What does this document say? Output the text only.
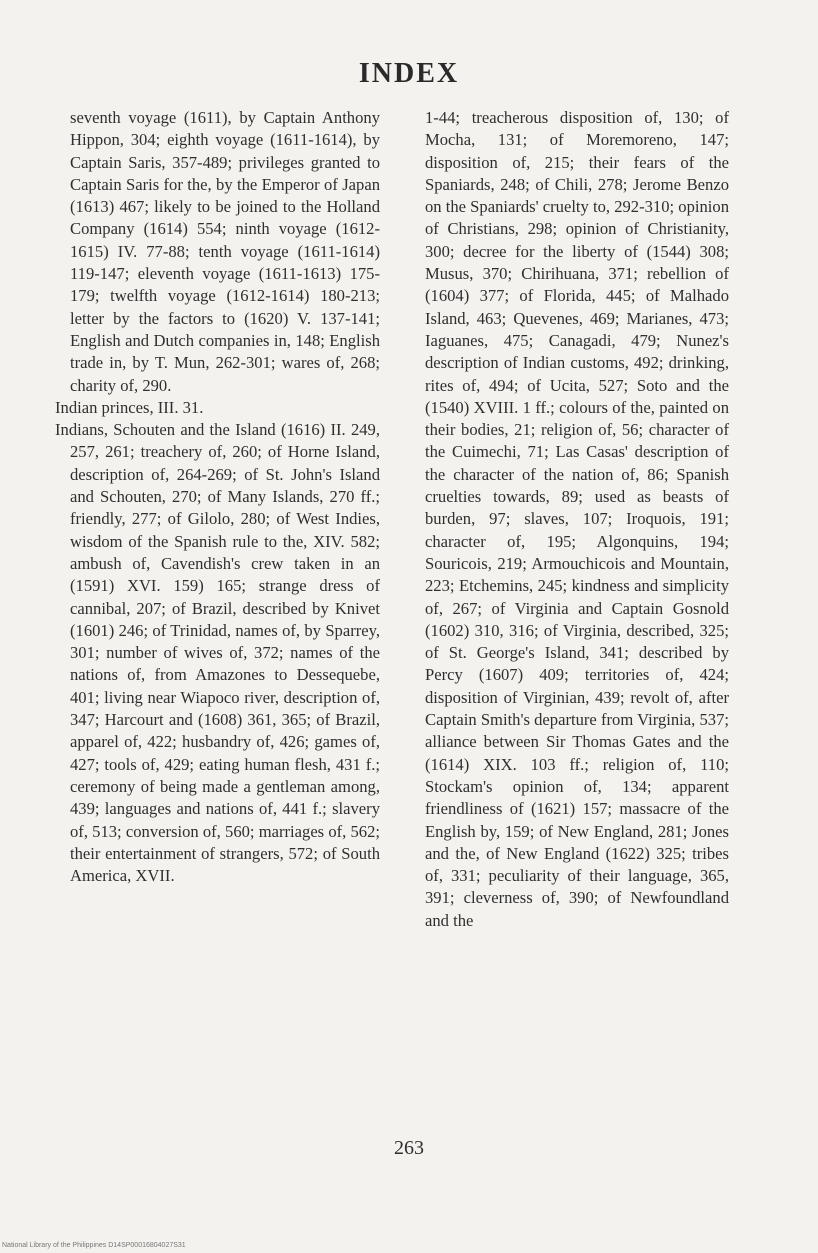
INDEX

seventh voyage (1611), by Captain Anthony Hippon, 304; eighth voyage (1611-1614), by Captain Saris, 357-489; privileges granted to Captain Saris for the, by the Emperor of Japan (1613) 467; likely to be joined to the Holland Company (1614) 554; ninth voyage (1612-1615) IV. 77-88; tenth voyage (1611-1614) 119-147; eleventh voyage (1611-1613) 175-179; twelfth voyage (1612-1614) 180-213; letter by the factors to (1620) V. 137-141; English and Dutch companies in, 148; English trade in, by T. Mun, 262-301; wares of, 268; charity of, 290.

Indian princes, III. 31.

Indians, Schouten and the Island (1616) II. 249, 257, 261; treachery of, 260; of Horne Island, description of, 264-269; of St. John's Island and Schouten, 270; of Many Islands, 270 ff.; friendly, 277; of Gilolo, 280; of West Indies, wisdom of the Spanish rule to the, XIV. 582; ambush of, Cavendish's crew taken in an (1591) XVI. 159) 165; strange dress of cannibal, 207; of Brazil, described by Knivet (1601) 246; of Trinidad, names of, by Sparrey, 301; number of wives of, 372; names of the nations of, from Amazones to Dessequebe, 401; living near Wiapoco river, description of, 347; Harcourt and (1608) 361, 365; of Brazil, apparel of, 422; husbandry of, 426; games of, 427; tools of, 429; eating human flesh, 431 f.; ceremony of being made a gentleman among, 439; languages and nations of, 441 f.; slavery of, 513; conversion of, 560; marriages of, 562; their entertainment of strangers, 572; of South America, XVII.

1-44; treacherous disposition of, 130; of Mocha, 131; of Moremoreno, 147; disposition of, 215; their fears of the Spaniards, 248; of Chili, 278; Jerome Benzo on the Spaniards' cruelty to, 292-310; opinion of Christians, 298; opinion of Christianity, 300; decree for the liberty of (1544) 308; Musus, 370; Chirihuana, 371; rebellion of (1604) 377; of Florida, 445; of Malhado Island, 463; Quevenes, 469; Marianes, 473; Iaguanes, 475; Canagadi, 479; Nunez's description of Indian customs, 492; drinking, rites of, 494; of Ucita, 527; Soto and the (1540) XVIII. 1 ff.; colours of the, painted on their bodies, 21; religion of, 56; character of the Cuimechi, 71; Las Casas' description of the character of the nation of, 86; Spanish cruelties towards, 89; used as beasts of burden, 97; slaves, 107; Iroquois, 191; character of, 195; Algonquins, 194; Souricois, 219; Armouchicois and Mountain, 223; Etchemins, 245; kindness and simplicity of, 267; of Virginia and Captain Gosnold (1602) 310, 316; of Virginia, described, 325; of St. George's Island, 341; described by Percy (1607) 409; territories of, 424; disposition of Virginian, 439; revolt of, after Captain Smith's departure from Virginia, 537; alliance between Sir Thomas Gates and the (1614) XIX. 103 ff.; religion of, 110; Stockam's opinion of, 134; apparent friendliness of (1621) 157; massacre of the English by, 159; of New England, 281; Jones and the, of New England (1622) 325; tribes of, 331; peculiarity of their language, 365, 391; cleverness of, 390; of Newfoundland and the

263
National Library of the Philippines D14SP00016804027S31
